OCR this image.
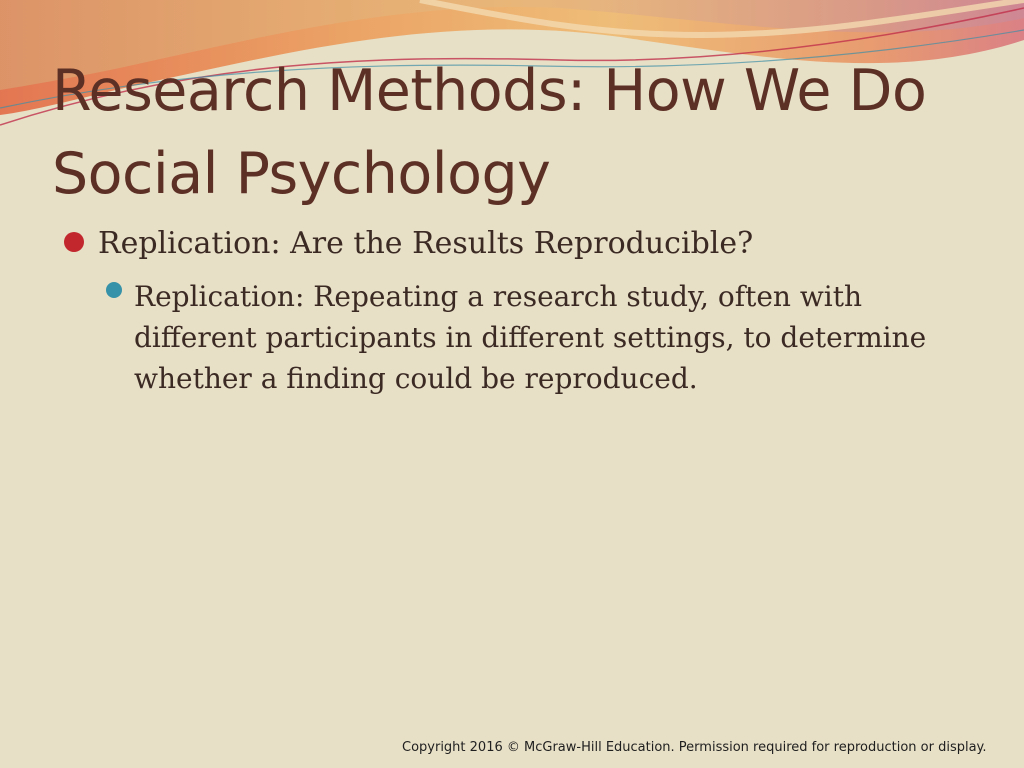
Research Methods: How We Do Social Psychology
Replication: Are the Results Reproducible?
Replication: Repeating a research study, often with different participants in different settings, to determine whether a finding could be reproduced.
Copyright 2016 © McGraw-Hill Education. Permission required for reproduction or display.
